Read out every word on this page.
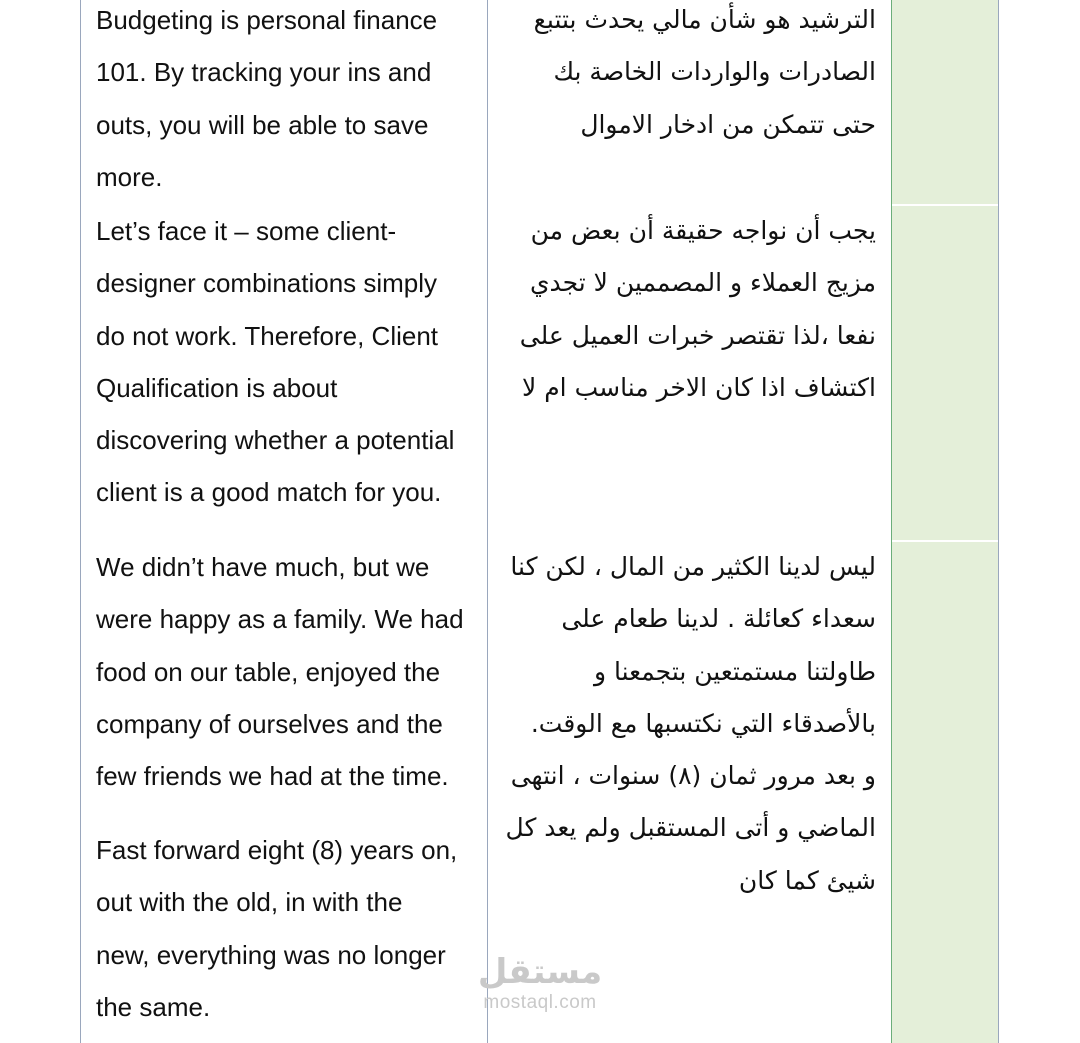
Budgeting is personal finance
101. By tracking your ins and
outs, you will be able to save
more.
الترشيد هو شأن مالي يحدث بتتبع
الصادرات والواردات الخاصة بك
حتى تتمكن من ادخار الاموال
Let’s face it – some client-
designer combinations simply
do not work. Therefore, Client
Qualification is about
discovering whether a potential
client is a good match for you.
يجب أن نواجه حقيقة أن بعض من
مزيج العملاء و المصممين لا تجدي
نفعا ،لذا تقتصر خبرات العميل على
اكتشاف اذا كان الاخر مناسب ام لا
We didn’t have much, but we
were happy as a family. We had
food on our table, enjoyed the
company of ourselves and the
few friends we had at the time.
Fast forward eight (8) years on,
out with the old, in with the
new, everything was no longer
the same.
ليس لدينا الكثير من المال ، لكن كنا
سعداء كعائلة . لدينا طعام على
طاولتنا مستمتعين بتجمعنا و
بالأصدقاء التي نكتسبها مع الوقت.
و بعد مرور ثمان (٨) سنوات ، انتهى
الماضي و أتى المستقبل ولم يعد كل
شيئ كما كان
مستقل
mostaql.com
